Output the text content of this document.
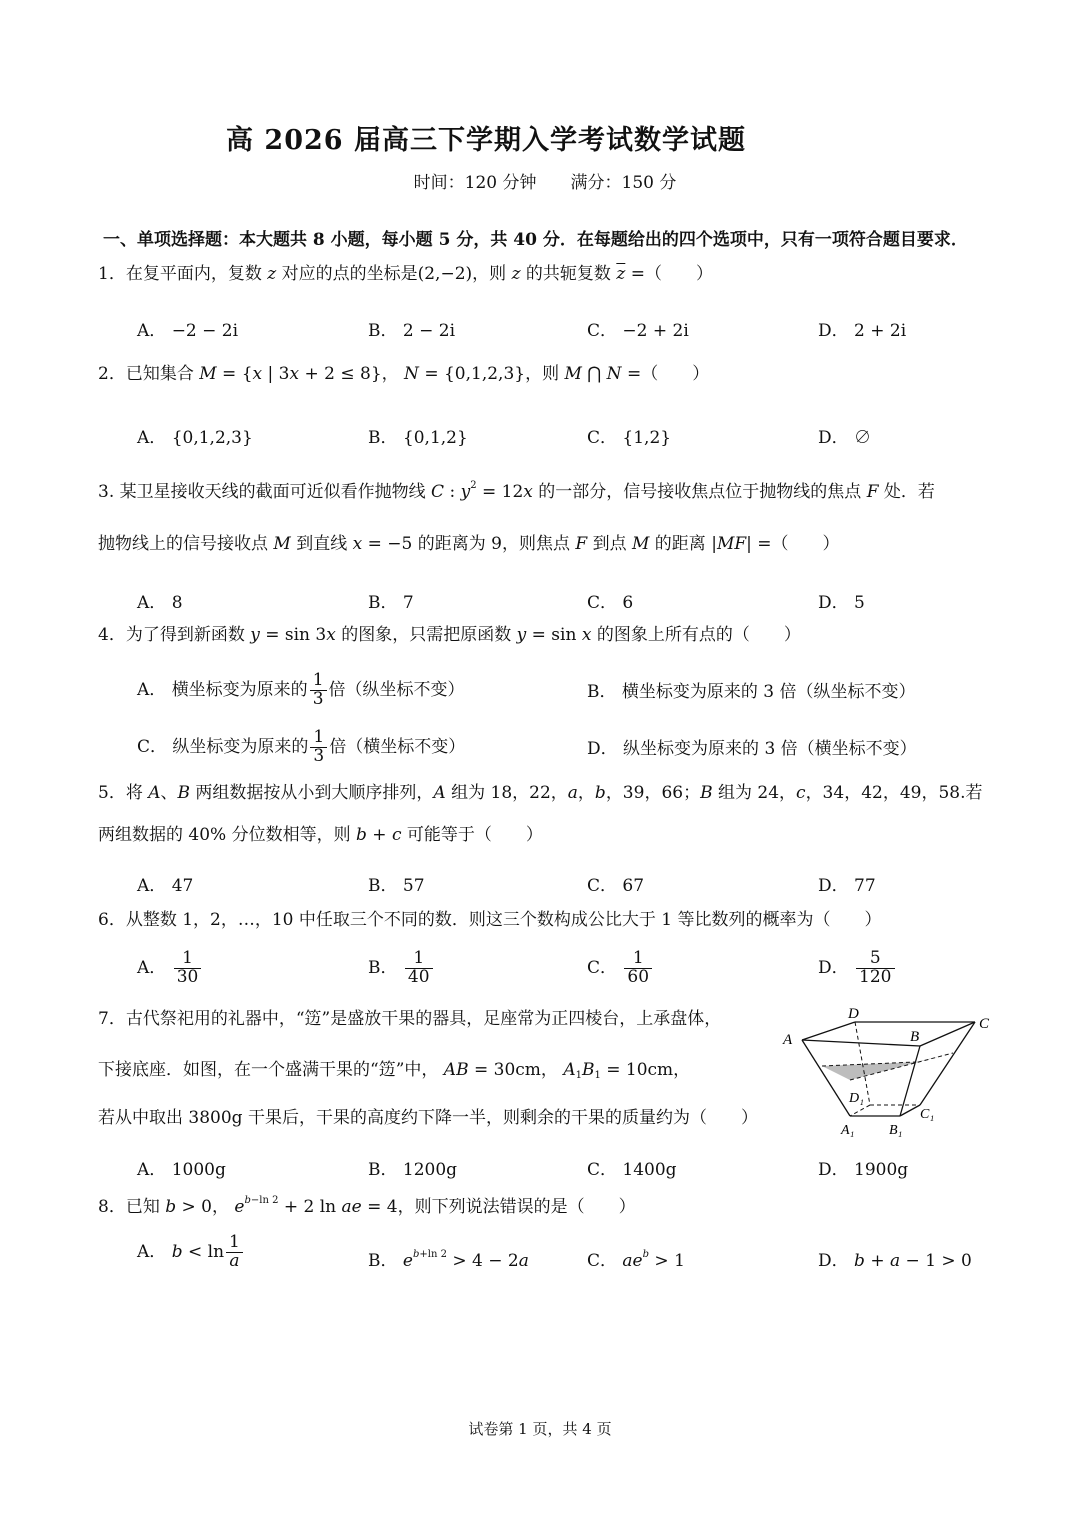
高 2026 届高三下学期入学考试数学试题
时间：120 分钟 满分：150 分
一、单项选择题：本大题共 8 小题，每小题 5 分，共 40 分．在每题给出的四个选项中，只有一项符合题目要求．
1．在复平面内，复数 z 对应的点的坐标是(2,−2)，则 z 的共轭复数 $\overline{z}$ =（　　）
A． −2 − 2i	B． 2 − 2i	C． −2 + 2i	D． 2 + 2i
2．已知集合 M = {x | 3x + 2 ≤ 8}， N = {0,1,2,3}，则 M ⋂ N =（　　）
A． {0,1,2,3}	B． {0,1,2}	C． {1,2}	D． ∅
3. 某卫星接收天线的截面可近似看作抛物线 C : $y^2 = 12x$ 的一部分，信号接收焦点位于抛物线的焦点 F 处．若
抛物线上的信号接收点 M 到直线 x = −5 的距离为 9，则焦点 F 到点 M 的距离 |MF| =（　　）
A． 8	B． 7	C． 6	D． 5
4．为了得到新函数 y = sin 3x 的图象，只需把原函数 y = sin x 的图象上所有点的（　　）
A． 横坐标变为原来的 $\frac{1}{3}$ 倍（纵坐标不变）	B． 横坐标变为原来的 3 倍（纵坐标不变）
C． 纵坐标变为原来的 $\frac{1}{3}$ 倍（横坐标不变）	D． 纵坐标变为原来的 3 倍（横坐标不变）
5．将 A、B 两组数据按从小到大顺序排列，A 组为 18，22，a，b，39，66；B 组为 24，c，34，42，49，58.若
两组数据的 40% 分位数相等，则 b + c 可能等于（　　）
A． 47	B． 57	C． 67	D． 77
6．从整数 1，2，…，10 中任取三个不同的数．则这三个数构成公比大于 1 等比数列的概率为（　　）
A． $\frac{1}{30}$	B． $\frac{1}{40}$	C． $\frac{1}{60}$	D． $\frac{5}{120}$
7．古代祭祀用的礼器中，“笾”是盛放干果的器具，足座常为正四棱台，上承盘体，
下接底座．如图，在一个盛满干果的“笾”中， AB = 30cm， $A_1B_1 = 10cm$，
若从中取出 3800g 干果后，干果的高度约下降一半，则剩余的干果的质量约为（　　）
A． 1000g	B． 1200g	C． 1400g	D． 1900g
A	B
C
D
A₁ B₁
C₁
D₁
8．已知 b > 0， $e^{b-ln 2} + 2$ ln ae = 4，则下列说法错误的是（　　）
A． $b < \ln \frac{1}{a}$	B． $e^{b+ln 2} > 4 - 2a$	C． $ae^b > 1$	D． b + a − 1 > 0
试卷第 1 页，共 4 页
